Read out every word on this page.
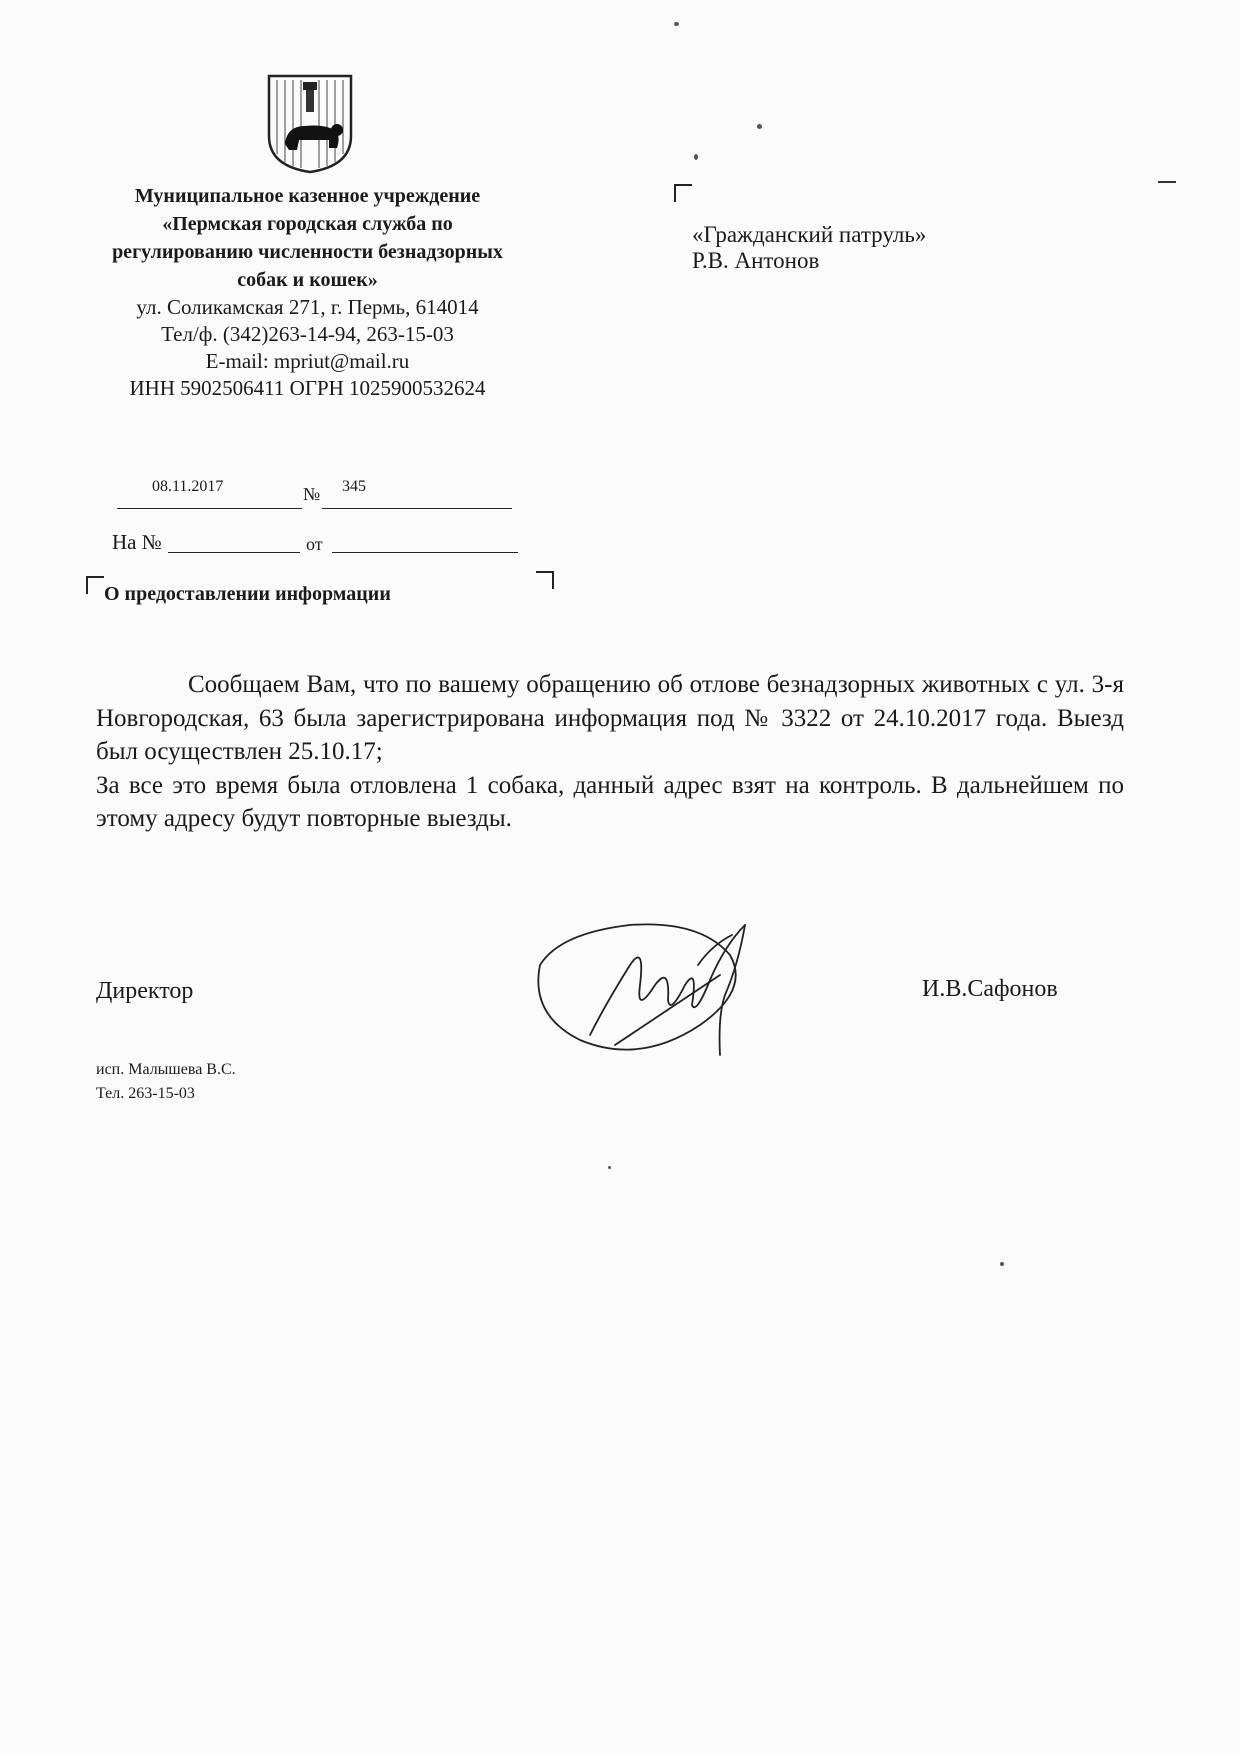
Муниципальное казенное учреждение
«Пермская городская служба по
регулированию численности безнадзорных
собак и кошек»
ул. Соликамская 271, г. Пермь, 614014
Тел/ф. (342)263-14-94, 263-15-03
E-mail: mpriut@mail.ru
ИНН 5902506411 ОГРН 1025900532624
«Гражданский патруль»
Р.В. Антонов
08.11.2017	№ 345
На №	от
О предоставлении информации

Сообщаем Вам, что по вашему обращению об отлове безнадзорных животных с ул. 3-я Новгородская, 63 была зарегистрирована информация под № 3322 от 24.10.2017 года. Выезд был осуществлен 25.10.17;

За все это время была отловлена 1 собака, данный адрес взят на контроль. В дальнейшем по этому адресу будут повторные выезды.

Директор	И.В.Сафонов
исп. Малышева В.С.
Тел. 263-15-03
